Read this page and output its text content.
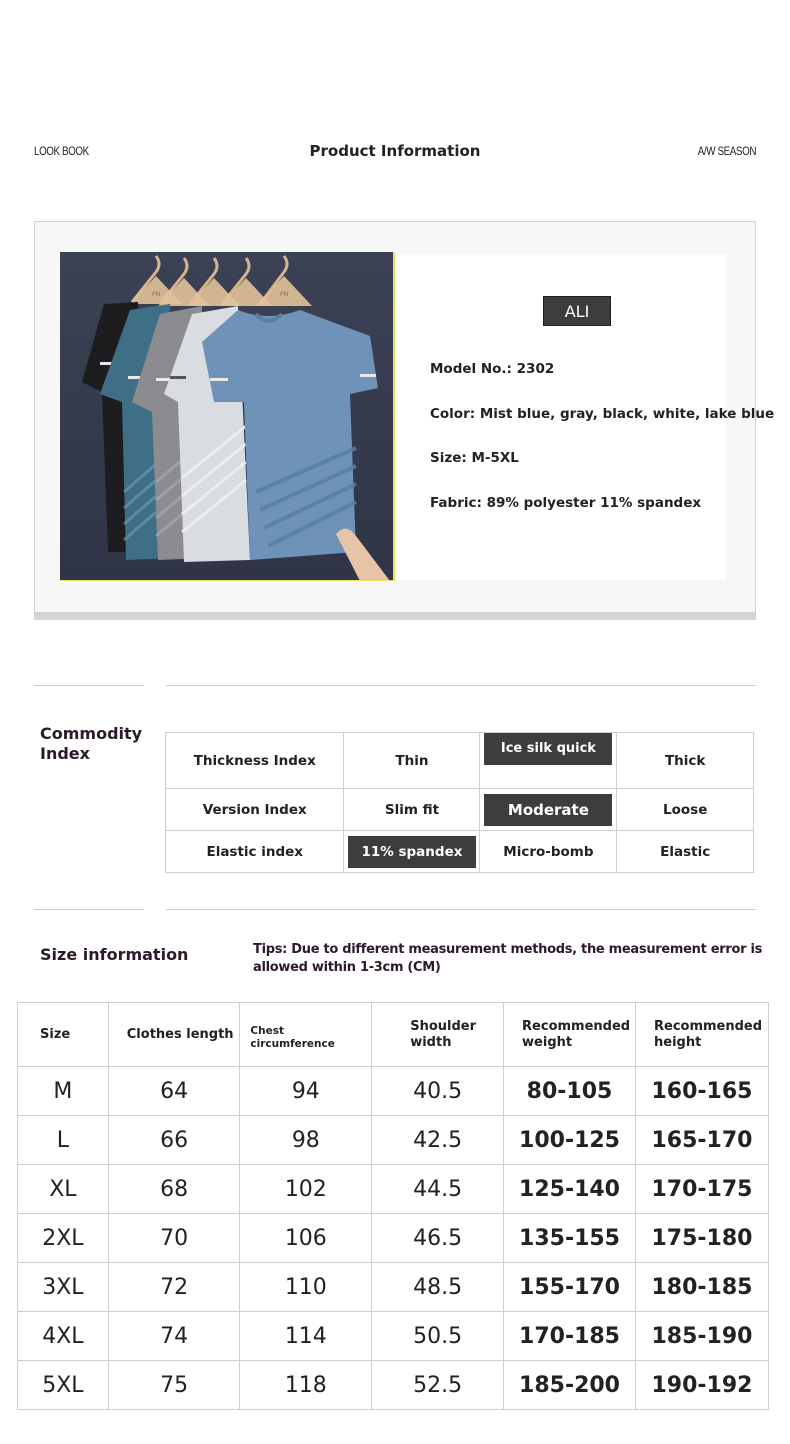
LOOK BOOK	Product Information	A/W SEASON
PN	PN
ALI
Model No.: 2302
Color: Mist blue, gray, black, white, lake blue
Size: M-5XL
Fabric: 89% polyester 11% spandex
Commodity Index	Thickness Index	Thin	Ice silk quick dry	Thick
Version Index	Slim fit	Moderate	Loose
Elastic index	11% spandex	Micro-bomb	Elastic
Size information	Tips: Due to different measurement methods, the measurement error is allowed within 1-3cm (CM)
Size	Clothes length	Chest circumference	Shoulder width	Recommended weight	Recommended height
M	64	94	40.5	80-105	160-165
L	66	98	42.5	100-125	165-170
XL	68	102	44.5	125-140	170-175
2XL	70	106	46.5	135-155	175-180
3XL	72	110	48.5	155-170	180-185
4XL	74	114	50.5	170-185	185-190
5XL	75	118	52.5	185-200	190-192
